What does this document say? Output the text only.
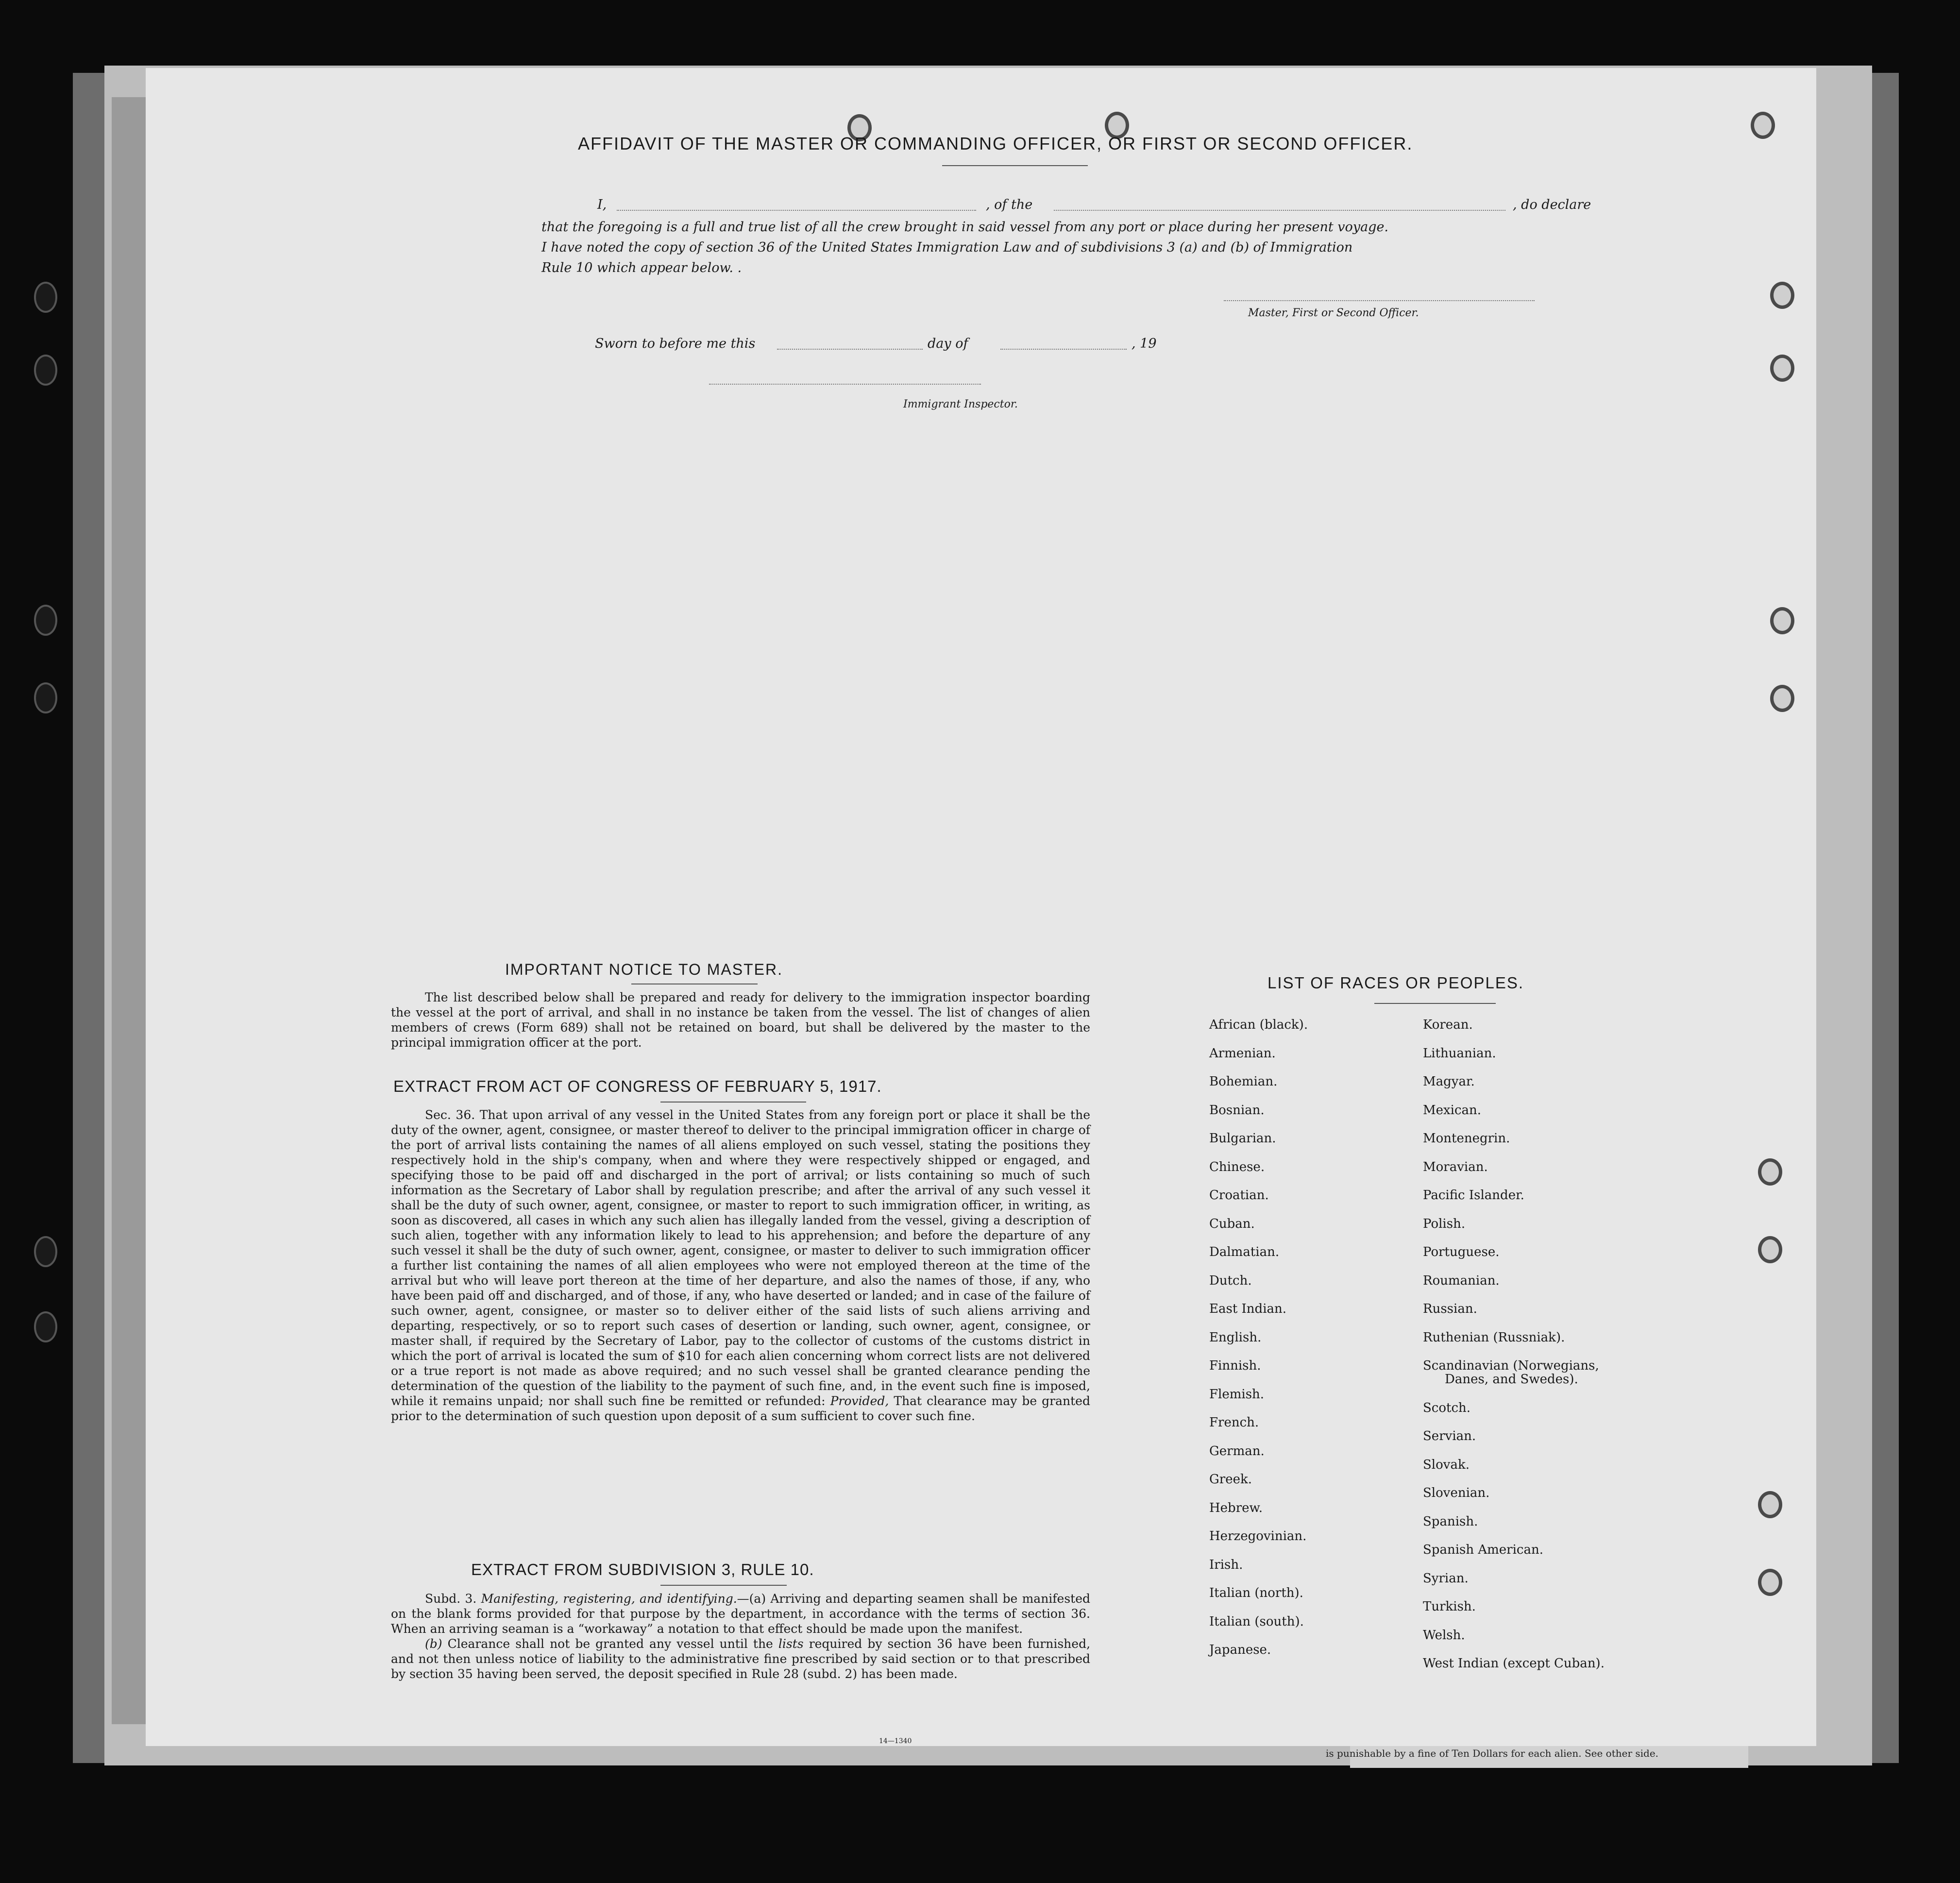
is punishable by a fine of Ten Dollars for each alien. See other side.
AFFIDAVIT OF THE MASTER OR COMMANDING OFFICER, OR FIRST OR SECOND OFFICER.
I,	, of the	, do declare
that the foregoing is a full and true list of all the crew brought in said vessel from any port or place during her present voyage.
I have noted the copy of section 36 of the United States Immigration Law and of subdivisions 3 (a) and (b) of Immigration
Rule 10 which appear below. .
Master, First or Second Officer.
Sworn to before me this	day of	, 19
Immigrant Inspector.
IMPORTANT NOTICE TO MASTER.

The list described below shall be prepared and ready for delivery to the immigration inspector boarding the vessel at the port of arrival, and shall in no instance be taken from the vessel. The list of changes of alien members of crews (Form 689) shall not be retained on board, but shall be delivered by the master to the principal immigration officer at the port.

EXTRACT FROM ACT OF CONGRESS OF FEBRUARY 5, 1917.

Sec. 36. That upon arrival of any vessel in the United States from any foreign port or place it shall be the duty of the owner, agent, consignee, or master thereof to deliver to the principal immigration officer in charge of the port of arrival lists containing the names of all aliens employed on such vessel, stating the positions they respectively hold in the ship's company, when and where they were respectively shipped or engaged, and specifying those to be paid off and discharged in the port of arrival; or lists containing so much of such information as the Secretary of Labor shall by regulation prescribe; and after the arrival of any such vessel it shall be the duty of such owner, agent, consignee, or master to report to such immigration officer, in writing, as soon as discovered, all cases in which any such alien has illegally landed from the vessel, giving a description of such alien, together with any information likely to lead to his apprehension; and before the departure of any such vessel it shall be the duty of such owner, agent, consignee, or master to deliver to such immigration officer a further list containing the names of all alien employees who were not employed thereon at the time of the arrival but who will leave port thereon at the time of her departure, and also the names of those, if any, who have been paid off and discharged, and of those, if any, who have deserted or landed; and in case of the failure of such owner, agent, consignee, or master so to deliver either of the said lists of such aliens arriving and departing, respectively, or so to report such cases of desertion or landing, such owner, agent, consignee, or master shall, if required by the Secretary of Labor, pay to the collector of customs of the customs district in which the port of arrival is located the sum of $10 for each alien concerning whom correct lists are not delivered or a true report is not made as above required; and no such vessel shall be granted clearance pending the determination of the question of the liability to the payment of such fine, and, in the event such fine is imposed, while it remains unpaid; nor shall such fine be remitted or refunded: Provided, That clearance may be granted prior to the determination of such question upon deposit of a sum sufficient to cover such fine.

EXTRACT FROM SUBDIVISION 3, RULE 10.

Subd. 3. Manifesting, registering, and identifying.—(a) Arriving and departing seamen shall be manifested on the blank forms provided for that purpose by the department, in accordance with the terms of section 36. When an arriving seaman is a “workaway” a notation to that effect should be made upon the manifest.

(b) Clearance shall not be granted any vessel until the lists required by section 36 have been furnished, and not then unless notice of liability to the administrative fine prescribed by said section or to that prescribed by section 35 having been served, the deposit specified in Rule 28 (subd. 2) has been made.

14—1340
LIST OF RACES OR PEOPLES.
African (black).
Armenian.
Bohemian.
Bosnian.
Bulgarian.
Chinese.
Croatian.
Cuban.
Dalmatian.
Dutch.
East Indian.
English.
Finnish.
Flemish.
French.
German.
Greek.
Hebrew.
Herzegovinian.
Irish.
Italian (north).
Italian (south).
Japanese.
Korean.
Lithuanian.
Magyar.
Mexican.
Montenegrin.
Moravian.
Pacific Islander.
Polish.
Portuguese.
Roumanian.
Russian.
Ruthenian (Russniak).
Scandinavian (Norwegians,
Danes, and Swedes).
Scotch.
Servian.
Slovak.
Slovenian.
Spanish.
Spanish American.
Syrian.
Turkish.
Welsh.
West Indian (except Cuban).
